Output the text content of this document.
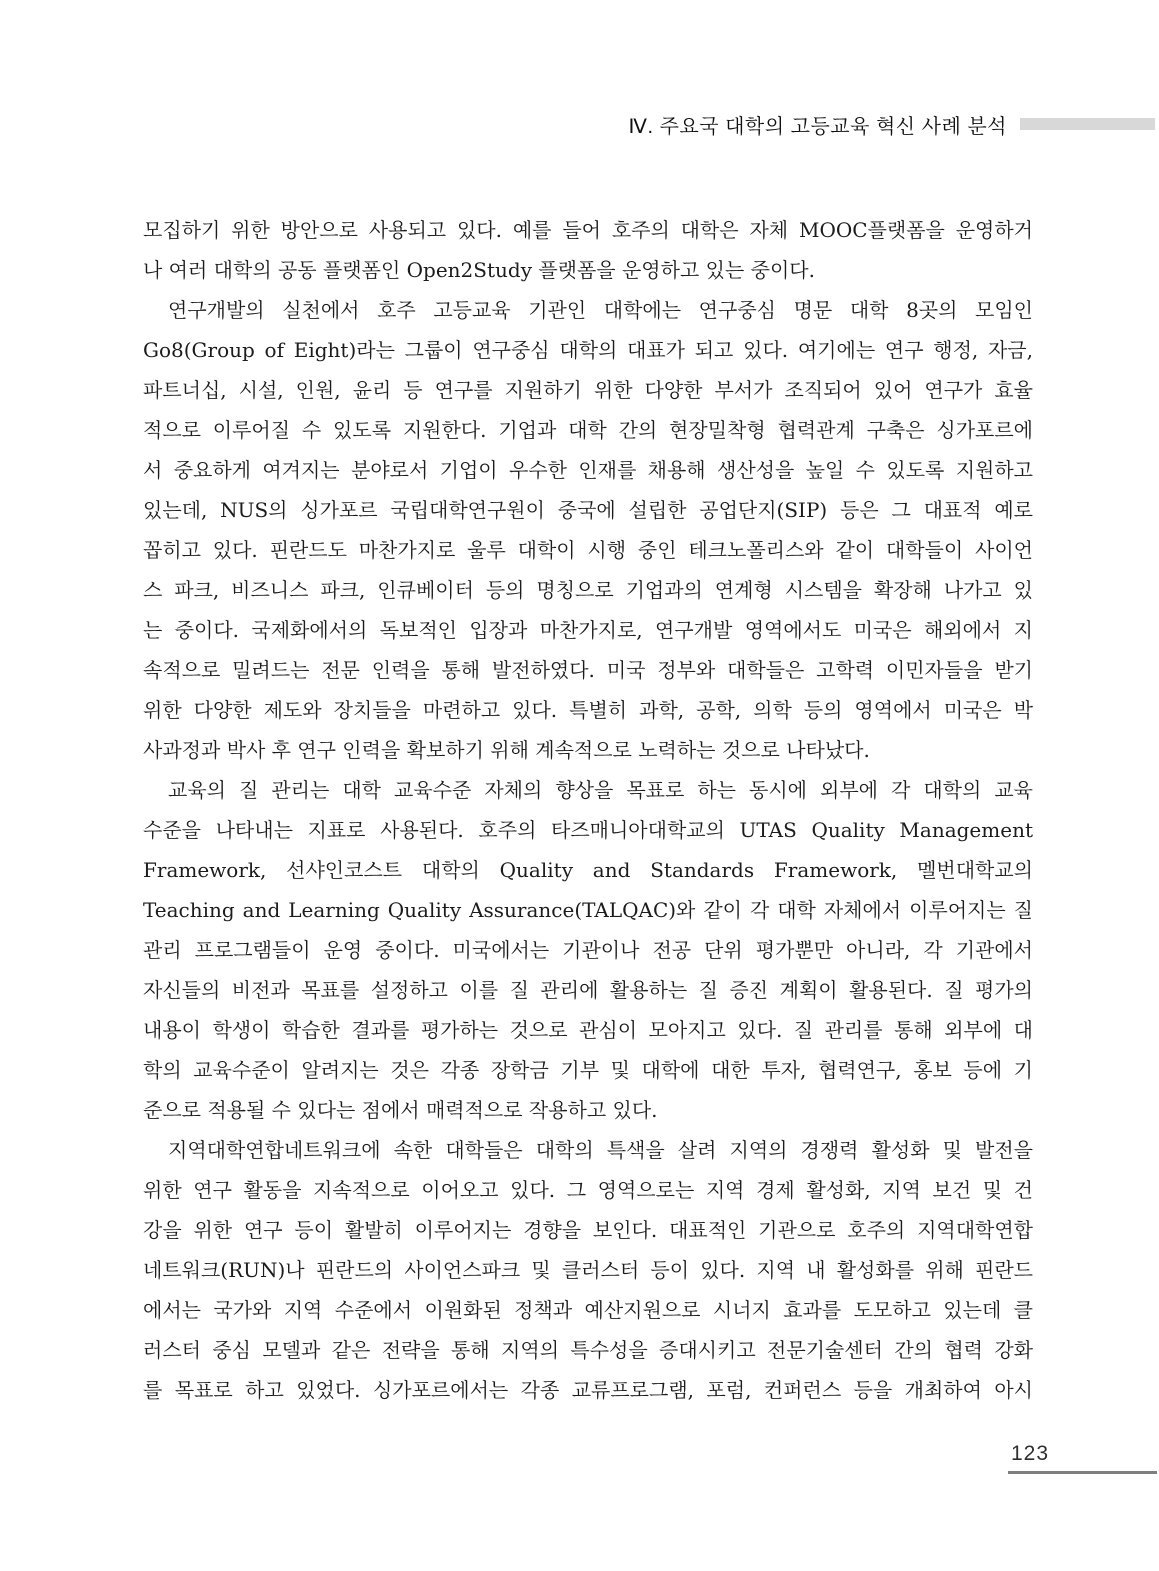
Ⅳ. 주요국 대학의 고등교육 혁신 사례 분석
모집하기 위한 방안으로 사용되고 있다. 예를 들어 호주의 대학은 자체 MOOC플랫폼을 운영하거
나 여러 대학의 공동 플랫폼인 Open2Study 플랫폼을 운영하고 있는 중이다.
연구개발의 실천에서 호주 고등교육 기관인 대학에는 연구중심 명문 대학 8곳의 모임인
Go8(Group of Eight)라는 그룹이 연구중심 대학의 대표가 되고 있다. 여기에는 연구 행정, 자금,
파트너십, 시설, 인원, 윤리 등 연구를 지원하기 위한 다양한 부서가 조직되어 있어 연구가 효율
적으로 이루어질 수 있도록 지원한다. 기업과 대학 간의 현장밀착형 협력관계 구축은 싱가포르에
서 중요하게 여겨지는 분야로서 기업이 우수한 인재를 채용해 생산성을 높일 수 있도록 지원하고
있는데, NUS의 싱가포르 국립대학연구원이 중국에 설립한 공업단지(SIP) 등은 그 대표적 예로
꼽히고 있다. 핀란드도 마찬가지로 울루 대학이 시행 중인 테크노폴리스와 같이 대학들이 사이언
스 파크, 비즈니스 파크, 인큐베이터 등의 명칭으로 기업과의 연계형 시스템을 확장해 나가고 있
는 중이다. 국제화에서의 독보적인 입장과 마찬가지로, 연구개발 영역에서도 미국은 해외에서 지
속적으로 밀려드는 전문 인력을 통해 발전하였다. 미국 정부와 대학들은 고학력 이민자들을 받기
위한 다양한 제도와 장치들을 마련하고 있다. 특별히 과학, 공학, 의학 등의 영역에서 미국은 박
사과정과 박사 후 연구 인력을 확보하기 위해 계속적으로 노력하는 것으로 나타났다.
교육의 질 관리는 대학 교육수준 자체의 향상을 목표로 하는 동시에 외부에 각 대학의 교육
수준을 나타내는 지표로 사용된다. 호주의 타즈매니아대학교의 UTAS Quality Management
Framework, 선샤인코스트 대학의 Quality and Standards Framework, 멜번대학교의
Teaching and Learning Quality Assurance(TALQAC)와 같이 각 대학 자체에서 이루어지는 질
관리 프로그램들이 운영 중이다. 미국에서는 기관이나 전공 단위 평가뿐만 아니라, 각 기관에서
자신들의 비전과 목표를 설정하고 이를 질 관리에 활용하는 질 증진 계획이 활용된다. 질 평가의
내용이 학생이 학습한 결과를 평가하는 것으로 관심이 모아지고 있다. 질 관리를 통해 외부에 대
학의 교육수준이 알려지는 것은 각종 장학금 기부 및 대학에 대한 투자, 협력연구, 홍보 등에 기
준으로 적용될 수 있다는 점에서 매력적으로 작용하고 있다.
지역대학연합네트워크에 속한 대학들은 대학의 특색을 살려 지역의 경쟁력 활성화 및 발전을
위한 연구 활동을 지속적으로 이어오고 있다. 그 영역으로는 지역 경제 활성화, 지역 보건 및 건
강을 위한 연구 등이 활발히 이루어지는 경향을 보인다. 대표적인 기관으로 호주의 지역대학연합
네트워크(RUN)나 핀란드의 사이언스파크 및 클러스터 등이 있다. 지역 내 활성화를 위해 핀란드
에서는 국가와 지역 수준에서 이원화된 정책과 예산지원으로 시너지 효과를 도모하고 있는데 클
러스터 중심 모델과 같은 전략을 통해 지역의 특수성을 증대시키고 전문기술센터 간의 협력 강화
를 목표로 하고 있었다. 싱가포르에서는 각종 교류프로그램, 포럼, 컨퍼런스 등을 개최하여 아시
123
